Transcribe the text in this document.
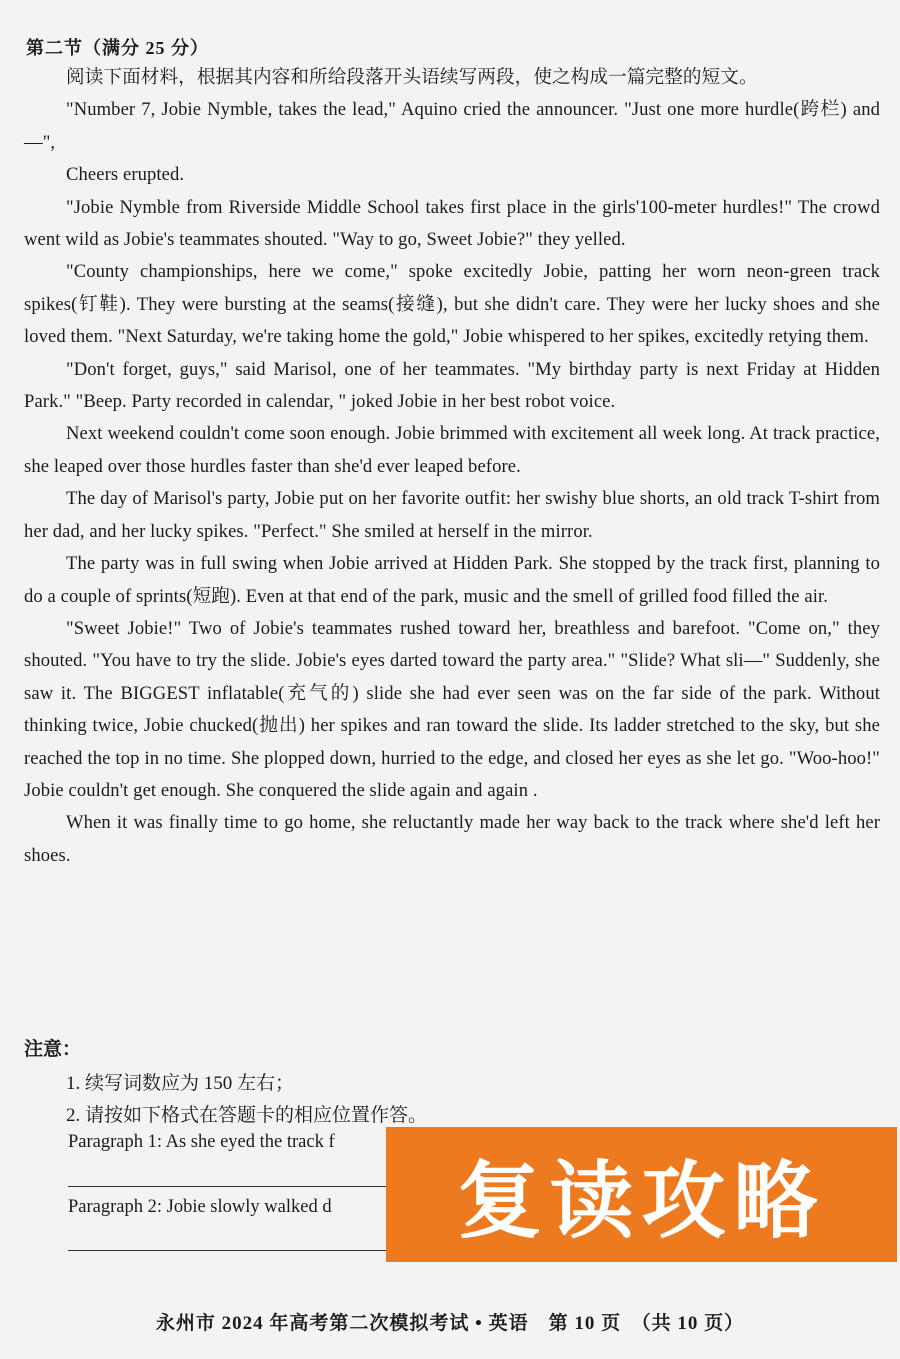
第二节（满分 25 分）

阅读下面材料，根据其内容和所给段落开头语续写两段，使之构成一篇完整的短文。

"Number 7, Jobie Nymble, takes the lead," Aquino cried the announcer. "Just one more hurdle(跨栏) and—",

Cheers erupted.

"Jobie Nymble from Riverside Middle School takes first place in the girls'100-meter hurdles!" The crowd went wild as Jobie's teammates shouted. "Way to go, Sweet Jobie?" they yelled.

"County championships, here we come," spoke excitedly Jobie, patting her worn neon-green track spikes(钉鞋). They were bursting at the seams(接缝), but she didn't care. They were her lucky shoes and she loved them. "Next Saturday, we're taking home the gold," Jobie whispered to her spikes, excitedly retying them.

"Don't forget, guys," said Marisol, one of her teammates. "My birthday party is next Friday at Hidden Park." "Beep. Party recorded in calendar, " joked Jobie in her best robot voice.

Next weekend couldn't come soon enough. Jobie brimmed with excitement all week long. At track practice, she leaped over those hurdles faster than she'd ever leaped before.

The day of Marisol's party, Jobie put on her favorite outfit: her swishy blue shorts, an old track T-shirt from her dad, and her lucky spikes. "Perfect." She smiled at herself in the mirror.

The party was in full swing when Jobie arrived at Hidden Park. She stopped by the track first, planning to do a couple of sprints(短跑). Even at that end of the park, music and the smell of grilled food filled the air.

"Sweet Jobie!" Two of Jobie's teammates rushed toward her, breathless and barefoot. "Come on," they shouted. "You have to try the slide. Jobie's eyes darted toward the party area." "Slide? What sli—" Suddenly, she saw it. The BIGGEST inflatable(充气的) slide she had ever seen was on the far side of the park. Without thinking twice, Jobie chucked(抛出) her spikes and ran toward the slide. Its ladder stretched to the sky, but she reached the top in no time. She plopped down, hurried to the edge, and closed her eyes as she let go. "Woo-hoo!" Jobie couldn't get enough. She conquered the slide again and again .

When it was finally time to go home, she reluctantly made her way back to the track where she'd left her shoes.

注意：
1. 续写词数应为 150 左右；
2. 请按如下格式在答题卡的相应位置作答。
Paragraph 1: As she eyed the track f
Paragraph 2: Jobie slowly walked d
永州市 2024 年高考第二次模拟考试 • 英语　第 10 页　（共 10 页）
复读攻略
